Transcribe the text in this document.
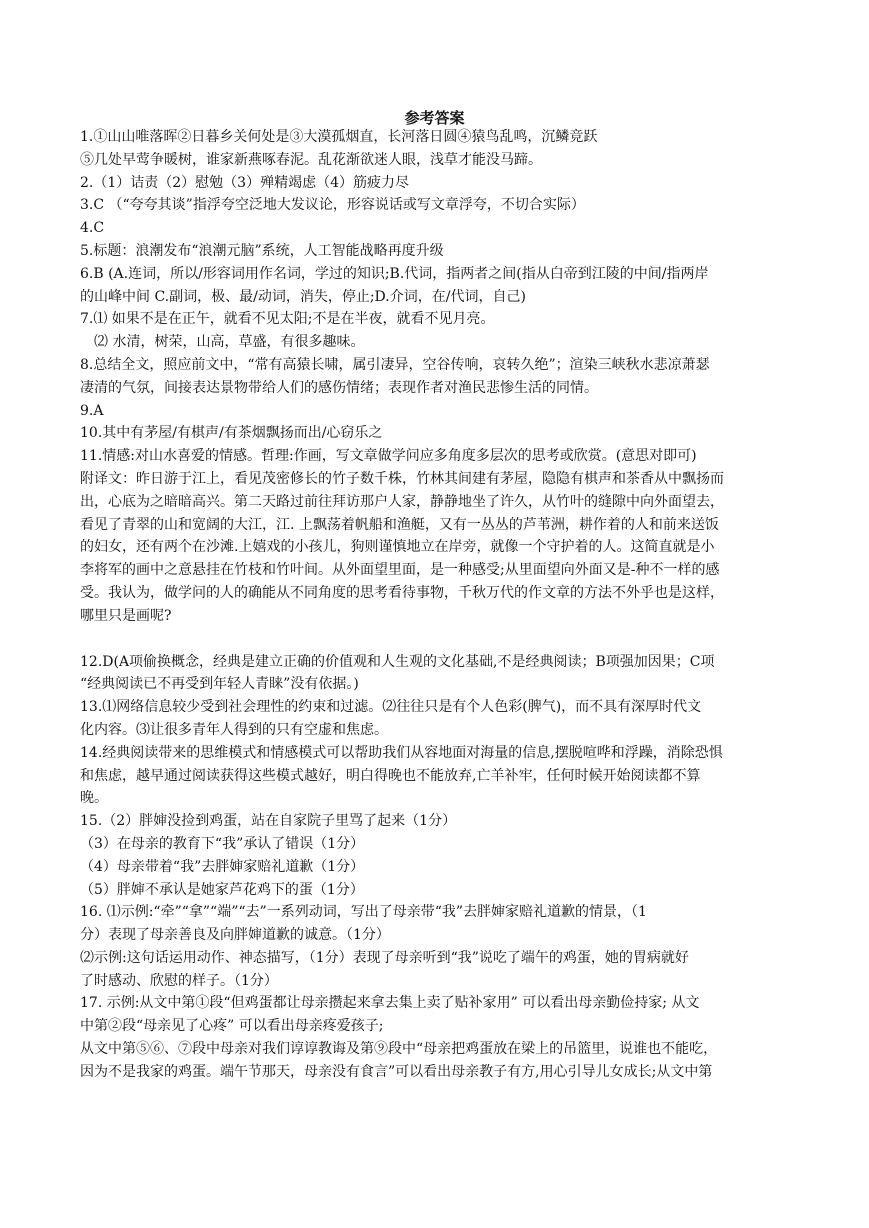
参考答案
1.①山山唯落晖②日暮乡关何处是③大漠孤烟直，长河落日圆④猿鸟乱鸣，沉鳞竞跃
⑤几处早莺争暖树，谁家新燕啄春泥。乱花渐欲迷人眼，浅草才能没马蹄。
2.（1）诘责（2）慰勉（3）殚精竭虑（4）筋疲力尽
3.C （“夸夸其谈”指浮夸空泛地大发议论，形容说话或写文章浮夸，不切合实际）
4.C
5.标题：浪潮发布“浪潮元脑”系统，人工智能战略再度升级
6.B (A.连词，所以/形容词用作名词，学过的知识;B.代词，指两者之间(指从白帝到江陵的中间/指两岸
的山峰中间 C.副词，极、最/动词，消失，停止;D.介词，在/代词，自己)
7.⑴ 如果不是在正午，就看不见太阳;不是在半夜，就看不见月亮。
⑵ 水清，树荣，山高，草盛，有很多趣味。
8.总结全文，照应前文中，“常有高猿长啸，属引凄异，空谷传响，哀转久绝”；渲染三峡秋水悲凉萧瑟
凄清的气氛，间接表达景物带给人们的感伤情绪；表现作者对渔民悲惨生活的同情。
9.A
10.其中有茅屋/有棋声/有茶烟飘扬而出/心窃乐之
11.情感:对山水喜爱的情感。哲理:作画，写文章做学问应多角度多层次的思考或欣赏。(意思对即可)
附译文：昨日游于江上，看见茂密修长的竹子数千株，竹林其间建有茅屋，隐隐有棋声和茶香从中飘扬而
出，心底为之暗暗高兴。第二天路过前往拜访那户人家，静静地坐了许久，从竹叶的缝隙中向外面望去，
看见了青翠的山和宽阔的大江，江. 上飘荡着帆船和渔艇，又有一丛丛的芦苇洲，耕作着的人和前来送饭
的妇女，还有两个在沙滩.上嬉戏的小孩儿，狗则谨慎地立在岸旁，就像一个守护着的人。这简直就是小
李将军的画中之意悬挂在竹枝和竹叶间。从外面望里面，是一种感受;从里面望向外面又是-种不一样的感
受。我认为，做学问的人的确能从不同角度的思考看待事物，千秋万代的作文章的方法不外乎也是这样，
哪里只是画呢?
12.D(A项偷换概念，经典是建立正确的价值观和人生观的文化基础,不是经典阅读；B项强加因果；C项
“经典阅读已不再受到年轻人青睐”没有依据。)
13.⑴网络信息较少受到社会理性的约束和过滤。⑵往往只是有个人色彩(脾气)，而不具有深厚时代文
化内容。⑶让很多青年人得到的只有空虚和焦虑。
14.经典阅读带来的思维模式和情感模式可以帮助我们从容地面对海量的信息,摆脱喧哗和浮躁，消除恐惧
和焦虑，越早通过阅读获得这些模式越好，明白得晚也不能放弃,亡羊补牢，任何时候开始阅读都不算
晚。
15.（2）胖婶没捡到鸡蛋，站在自家院子里骂了起来（1分）
（3）在母亲的教育下“我”承认了错误（1分）
（4）母亲带着“我”去胖婶家赔礼道歉（1分）
（5）胖婶不承认是她家芦花鸡下的蛋（1分）
16. ⑴示例:“牵”“拿”“端”“去”一系列动词，写出了母亲带“我”去胖婶家赔礼道歉的情景，（1
分）表现了母亲善良及向胖婶道歉的诚意。（1分）
⑵示例:这句话运用动作、神态描写，（1分）表现了母亲听到“我”说吃了端午的鸡蛋，她的胃病就好
了时感动、欣慰的样子。（1分）
17. 示例:从文中第①段“但鸡蛋都让母亲攒起来拿去集上卖了贴补家用” 可以看出母亲勤俭持家; 从文
中第②段“母亲见了心疼” 可以看出母亲疼爱孩子;
从文中第⑤⑥、⑦段中母亲对我们谆谆教诲及第⑨段中“母亲把鸡蛋放在梁上的吊篮里，说谁也不能吃，
因为不是我家的鸡蛋。端午节那天，母亲没有食言”可以看出母亲教子有方,用心引导儿女成长;从文中第
